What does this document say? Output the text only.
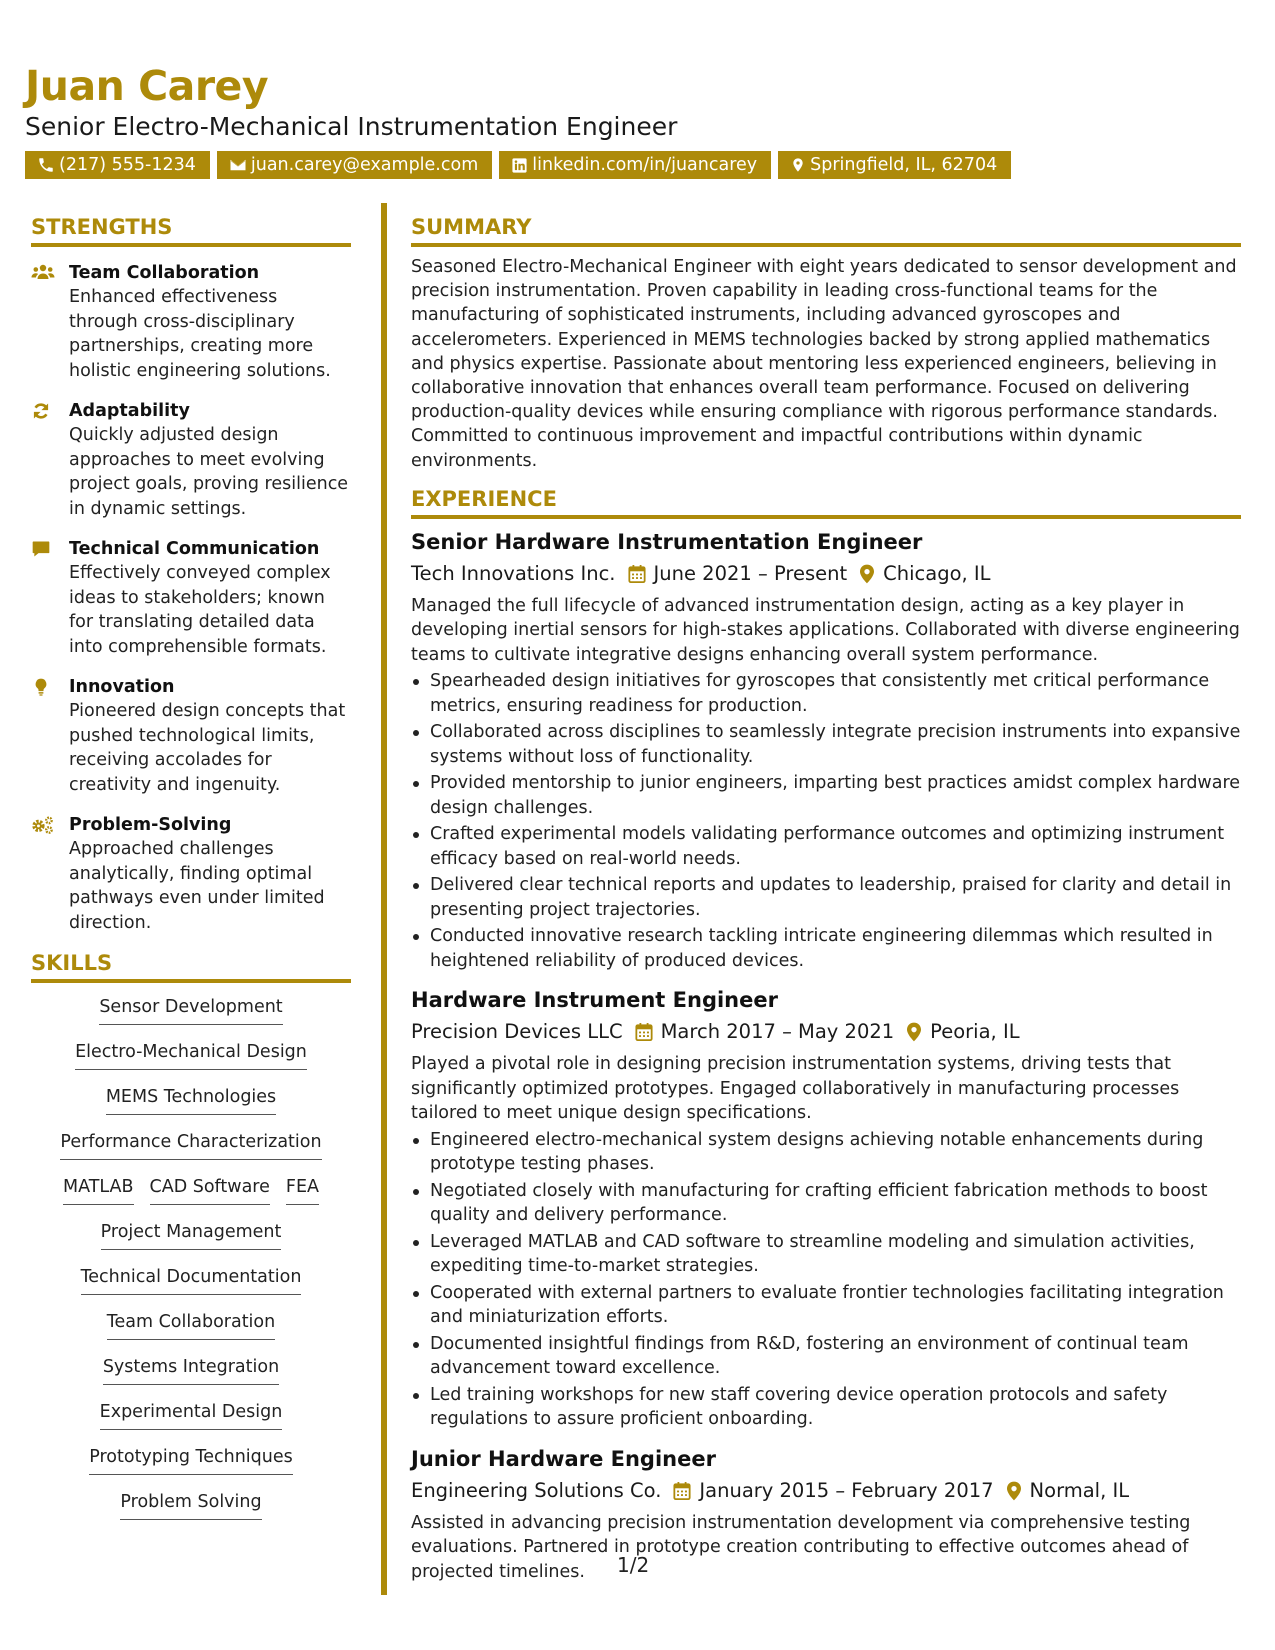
Juan Carey
Senior Electro-Mechanical Instrumentation Engineer
(217) 555-1234	juan.carey@example.com	linkedin.com/in/juancarey	Springfield, IL, 62704
STRENGTHS
Team Collaboration
Enhanced effectiveness through cross-disciplinary partnerships, creating more holistic engineering solutions.
Adaptability
Quickly adjusted design approaches to meet evolving project goals, proving resilience in dynamic settings.
Technical Communication
Effectively conveyed complex ideas to stakeholders; known for translating detailed data into comprehensible formats.
Innovation
Pioneered design concepts that pushed technological limits, receiving accolades for creativity and ingenuity.
Problem-Solving
Approached challenges analytically, finding optimal pathways even under limited direction.
SKILLS
Sensor Development
Electro-Mechanical Design
MEMS Technologies
Performance Characterization
MATLAB CAD Software FEA
Project Management
Technical Documentation
Team Collaboration
Systems Integration
Experimental Design
Prototyping Techniques
Problem Solving
SUMMARY
Seasoned Electro-Mechanical Engineer with eight years dedicated to sensor development and precision instrumentation. Proven capability in leading cross-functional teams for the manufacturing of sophisticated instruments, including advanced gyroscopes and accelerometers. Experienced in MEMS technologies backed by strong applied mathematics and physics expertise. Passionate about mentoring less experienced engineers, believing in collaborative innovation that enhances overall team performance. Focused on delivering production-quality devices while ensuring compliance with rigorous performance standards. Committed to continuous improvement and impactful contributions within dynamic environments.
EXPERIENCE
Senior Hardware Instrumentation Engineer
Tech Innovations Inc. June 2021 – Present Chicago, IL
Managed the full lifecycle of advanced instrumentation design, acting as a key player in developing inertial sensors for high-stakes applications. Collaborated with diverse engineering teams to cultivate integrative designs enhancing overall system performance.
Spearheaded design initiatives for gyroscopes that consistently met critical performance metrics, ensuring readiness for production.
Collaborated across disciplines to seamlessly integrate precision instruments into expansive systems without loss of functionality.
Provided mentorship to junior engineers, imparting best practices amidst complex hardware design challenges.
Crafted experimental models validating performance outcomes and optimizing instrument efficacy based on real-world needs.
Delivered clear technical reports and updates to leadership, praised for clarity and detail in presenting project trajectories.
Conducted innovative research tackling intricate engineering dilemmas which resulted in heightened reliability of produced devices.
Hardware Instrument Engineer
Precision Devices LLC March 2017 – May 2021 Peoria, IL
Played a pivotal role in designing precision instrumentation systems, driving tests that significantly optimized prototypes. Engaged collaboratively in manufacturing processes tailored to meet unique design specifications.
Engineered electro-mechanical system designs achieving notable enhancements during prototype testing phases.
Negotiated closely with manufacturing for crafting efficient fabrication methods to boost quality and delivery performance.
Leveraged MATLAB and CAD software to streamline modeling and simulation activities, expediting time-to-market strategies.
Cooperated with external partners to evaluate frontier technologies facilitating integration and miniaturization efforts.
Documented insightful findings from R&D, fostering an environment of continual team advancement toward excellence.
Led training workshops for new staff covering device operation protocols and safety regulations to assure proficient onboarding.
Junior Hardware Engineer
Engineering Solutions Co. January 2015 – February 2017 Normal, IL
Assisted in advancing precision instrumentation development via comprehensive testing evaluations. Partnered in prototype creation contributing to effective outcomes ahead of projected timelines.	1/2
